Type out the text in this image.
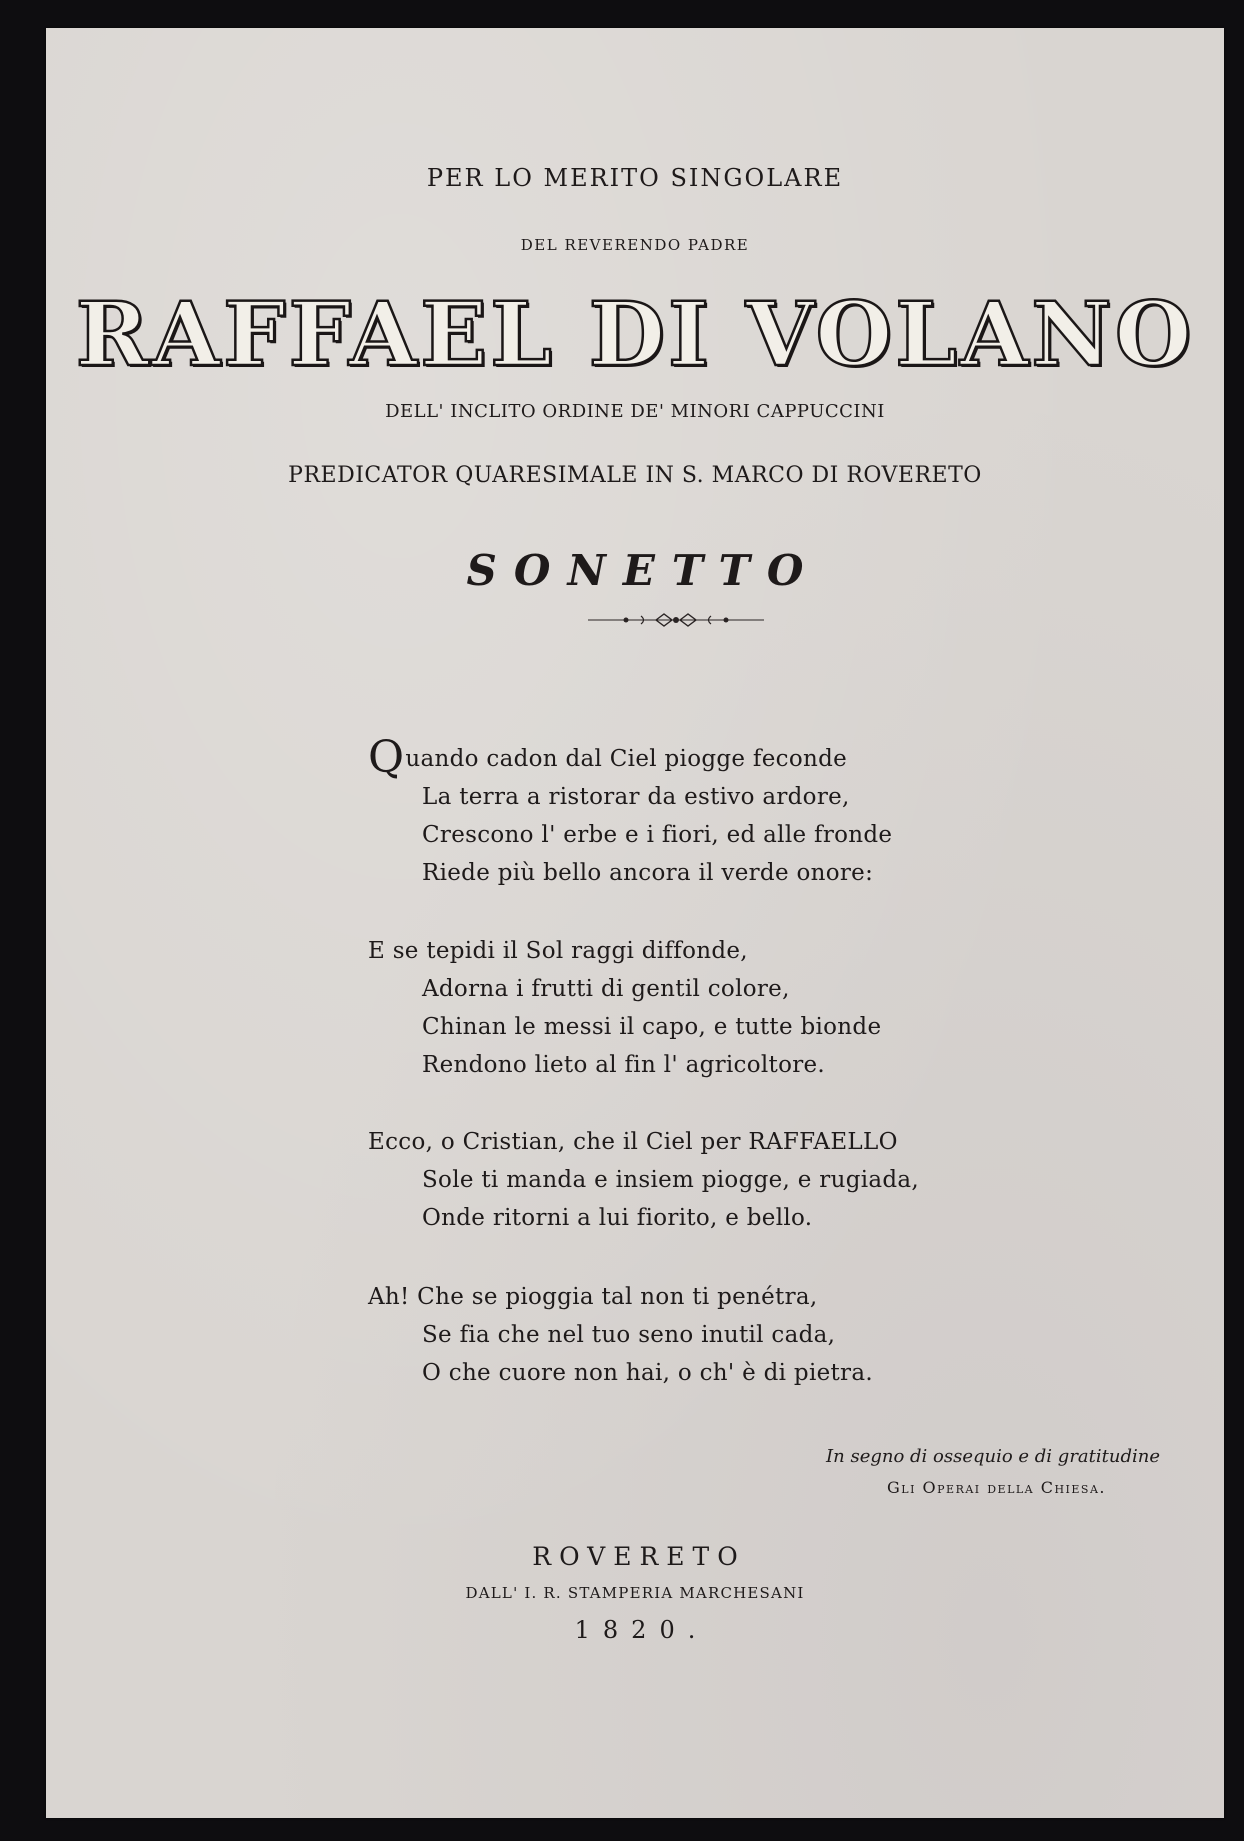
PER LO MERITO SINGOLARE
DEL REVERENDO PADRE
RAFFAEL DI VOLANO
DELL' INCLITO ORDINE DE' MINORI CAPPUCCINI
PREDICATOR QUARESIMALE IN S. MARCO DI ROVERETO
SONETTO
Quando cadon dal Ciel piogge feconde
La terra a ristorar da estivo ardore,
Crescono l' erbe e i fiori, ed alle fronde
Riede più bello ancora il verde onore:
E se tepidi il Sol raggi diffonde,
Adorna i frutti di gentil colore,
Chinan le messi il capo, e tutte bionde
Rendono lieto al fin l' agricoltore.
Ecco, o Cristian, che il Ciel per RAFFAELLO
Sole ti manda e insiem piogge, e rugiada,
Onde ritorni a lui fiorito, e bello.
Ah! Che se pioggia tal non ti penétra,
Se fia che nel tuo seno inutil cada,
O che cuore non hai, o ch' è di pietra.
In segno di ossequio e di gratitudine
Gli Operai della Chiesa.
ROVERETO
DALL' I. R. STAMPERIA MARCHESANI
1820.
